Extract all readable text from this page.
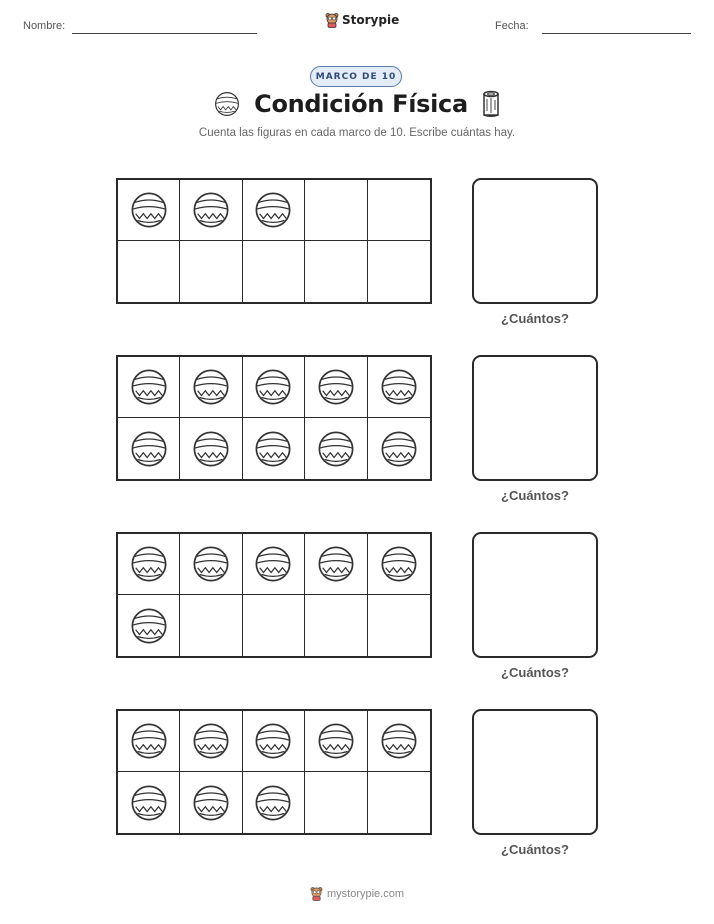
Nombre:	Storypie	Fecha:
MARCO DE 10
Condición Física
Cuenta las figuras en cada marco de 10. Escribe cuántas hay.
¿Cuántos?
¿Cuántos?
¿Cuántos?
¿Cuántos?
mystorypie.com
